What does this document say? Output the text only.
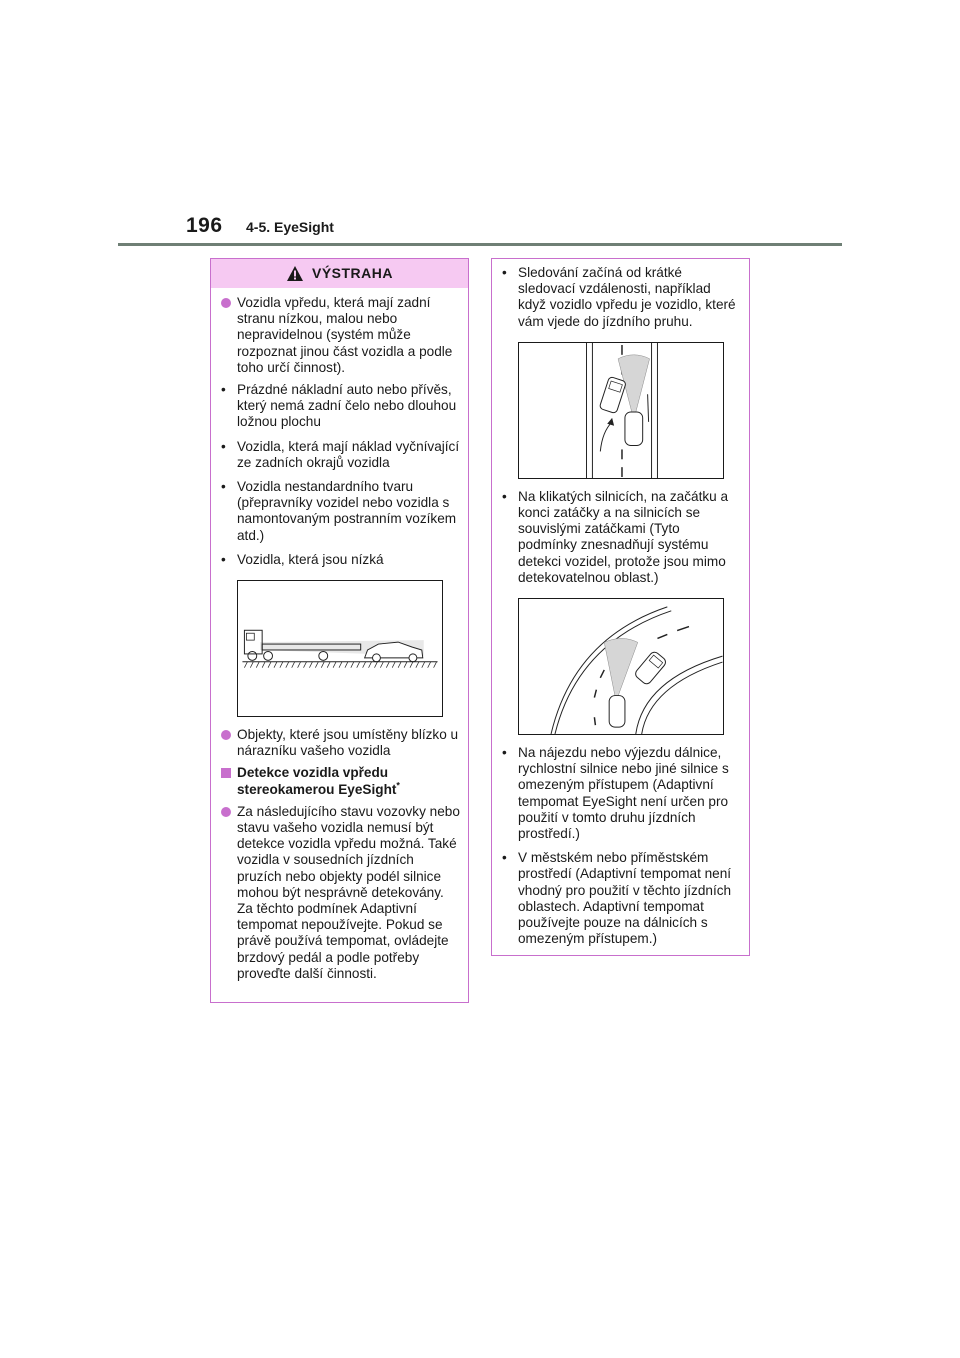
196 4-5. EyeSight
VÝSTRAHA
Vozidla vpředu, která mají zadní stranu nízkou, malou nebo nepravidelnou (systém může rozpoznat jinou část vozidla a podle toho určí činnost).
• Prázdné nákladní auto nebo přívěs, který nemá zadní čelo nebo dlouhou ložnou plochu
• Vozidla, která mají náklad vyčnívající ze zadních okrajů vozidla
• Vozidla nestandardního tvaru (přepravníky vozidel nebo vozidla s namontovaným postranním vozíkem atd.)
• Vozidla, která jsou nízká
Objekty, které jsou umístěny blízko u nárazníku vašeho vozidla
Detekce vozidla vpředu stereokamerou EyeSight*
Za následujícího stavu vozovky nebo stavu vašeho vozidla nemusí být detekce vozidla vpředu možná. Také vozidla v sousedních jízdních pruzích nebo objekty podél silnice mohou být nesprávně detekovány. Za těchto podmínek Adaptivní tempomat nepoužívejte. Pokud se právě používá tempomat, ovládejte brzdový pedál a podle potřeby proveďte další činnosti.
• Sledování začíná od krátké sledovací vzdálenosti, například když vozidlo vpředu je vozidlo, které vám vjede do jízdního pruhu.
• Na klikatých silnicích, na začátku a konci zatáčky a na silnicích se souvislými zatáčkami (Tyto podmínky znesnadňují systému detekci vozidel, protože jsou mimo detekovatelnou oblast.)
• Na nájezdu nebo výjezdu dálnice, rychlostní silnice nebo jiné silnice s omezeným přístupem (Adaptivní tempomat EyeSight není určen pro použití v tomto druhu jízdních prostředí.)
• V městském nebo příměstském prostředí (Adaptivní tempomat není vhodný pro použití v těchto jízdních oblastech. Adaptivní tempomat používejte pouze na dálnicích s omezeným přístupem.)
